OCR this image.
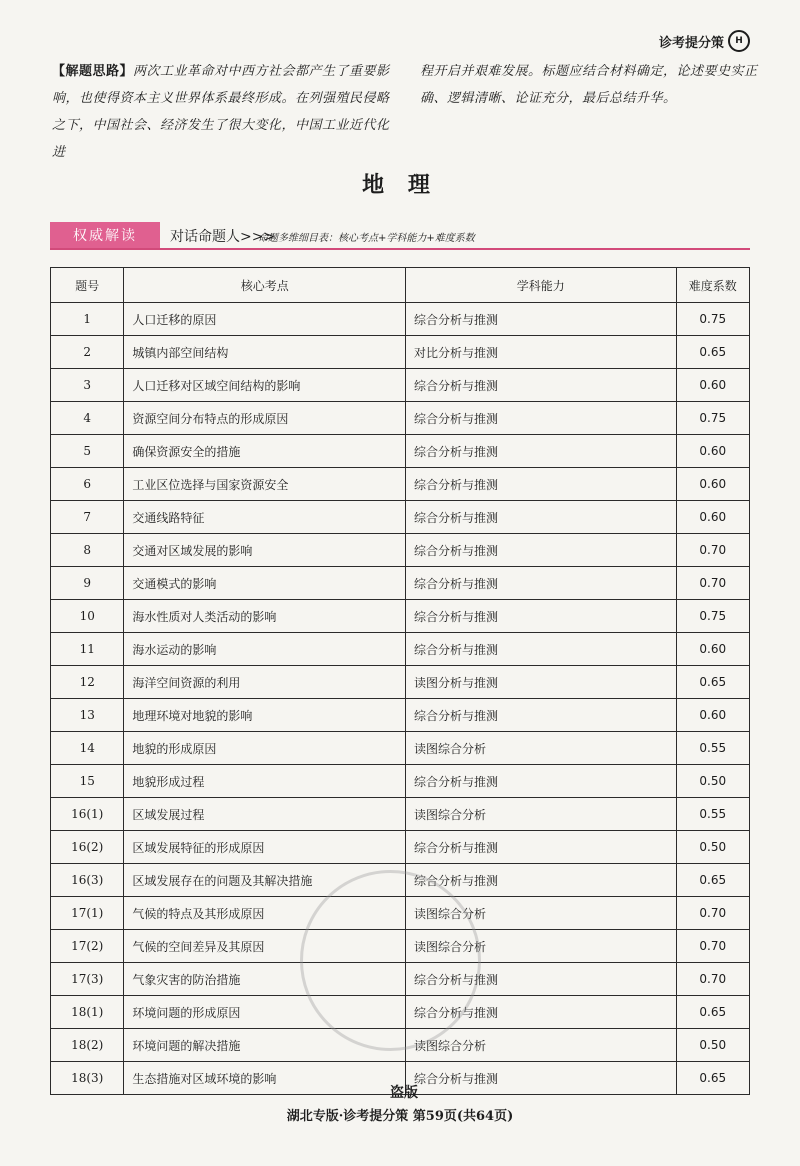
诊考提分策	H
【解题思路】两次工业革命对中西方社会都产生了重要影响，也使得资本主义世界体系最终形成。在列强殖民侵略之下，中国社会、经济发生了很大变化，中国工业近代化进
程开启并艰难发展。标题应结合材料确定，论述要史实正确、逻辑清晰、论证充分，最后总结升华。
地 理
权威解读	对话命题人>>>
命题多维细目表：核心考点+学科能力+难度系数
题号	核心考点	学科能力	难度系数
1	人口迁移的原因	综合分析与推测	0.75
2	城镇内部空间结构	对比分析与推测	0.65
3	人口迁移对区域空间结构的影响	综合分析与推测	0.60
4	资源空间分布特点的形成原因	综合分析与推测	0.75
5	确保资源安全的措施	综合分析与推测	0.60
6	工业区位选择与国家资源安全	综合分析与推测	0.60
7	交通线路特征	综合分析与推测	0.60
8	交通对区域发展的影响	综合分析与推测	0.70
9	交通模式的影响	综合分析与推测	0.70
10	海水性质对人类活动的影响	综合分析与推测	0.75
11	海水运动的影响	综合分析与推测	0.60
12	海洋空间资源的利用	读图分析与推测	0.65
13	地理环境对地貌的影响	综合分析与推测	0.60
14	地貌的形成原因	读图综合分析	0.55
15	地貌形成过程	综合分析与推测	0.50
16(1)	区域发展过程	读图综合分析	0.55
16(2)	区域发展特征的形成原因	综合分析与推测	0.50
16(3)	区域发展存在的问题及其解决措施	综合分析与推测	0.65
17(1)	气候的特点及其形成原因	读图综合分析	0.70
17(2)	气候的空间差异及其原因	读图综合分析	0.70
17(3)	气象灾害的防治措施	综合分析与推测	0.70
18(1)	环境问题的形成原因	综合分析与推测	0.65
18(2)	环境问题的解决措施	读图综合分析	0.50
18(3)	生态措施对区域环境的影响	综合分析与推测	0.65
盗版
湖北专版·诊考提分策 第59页(共64页)
